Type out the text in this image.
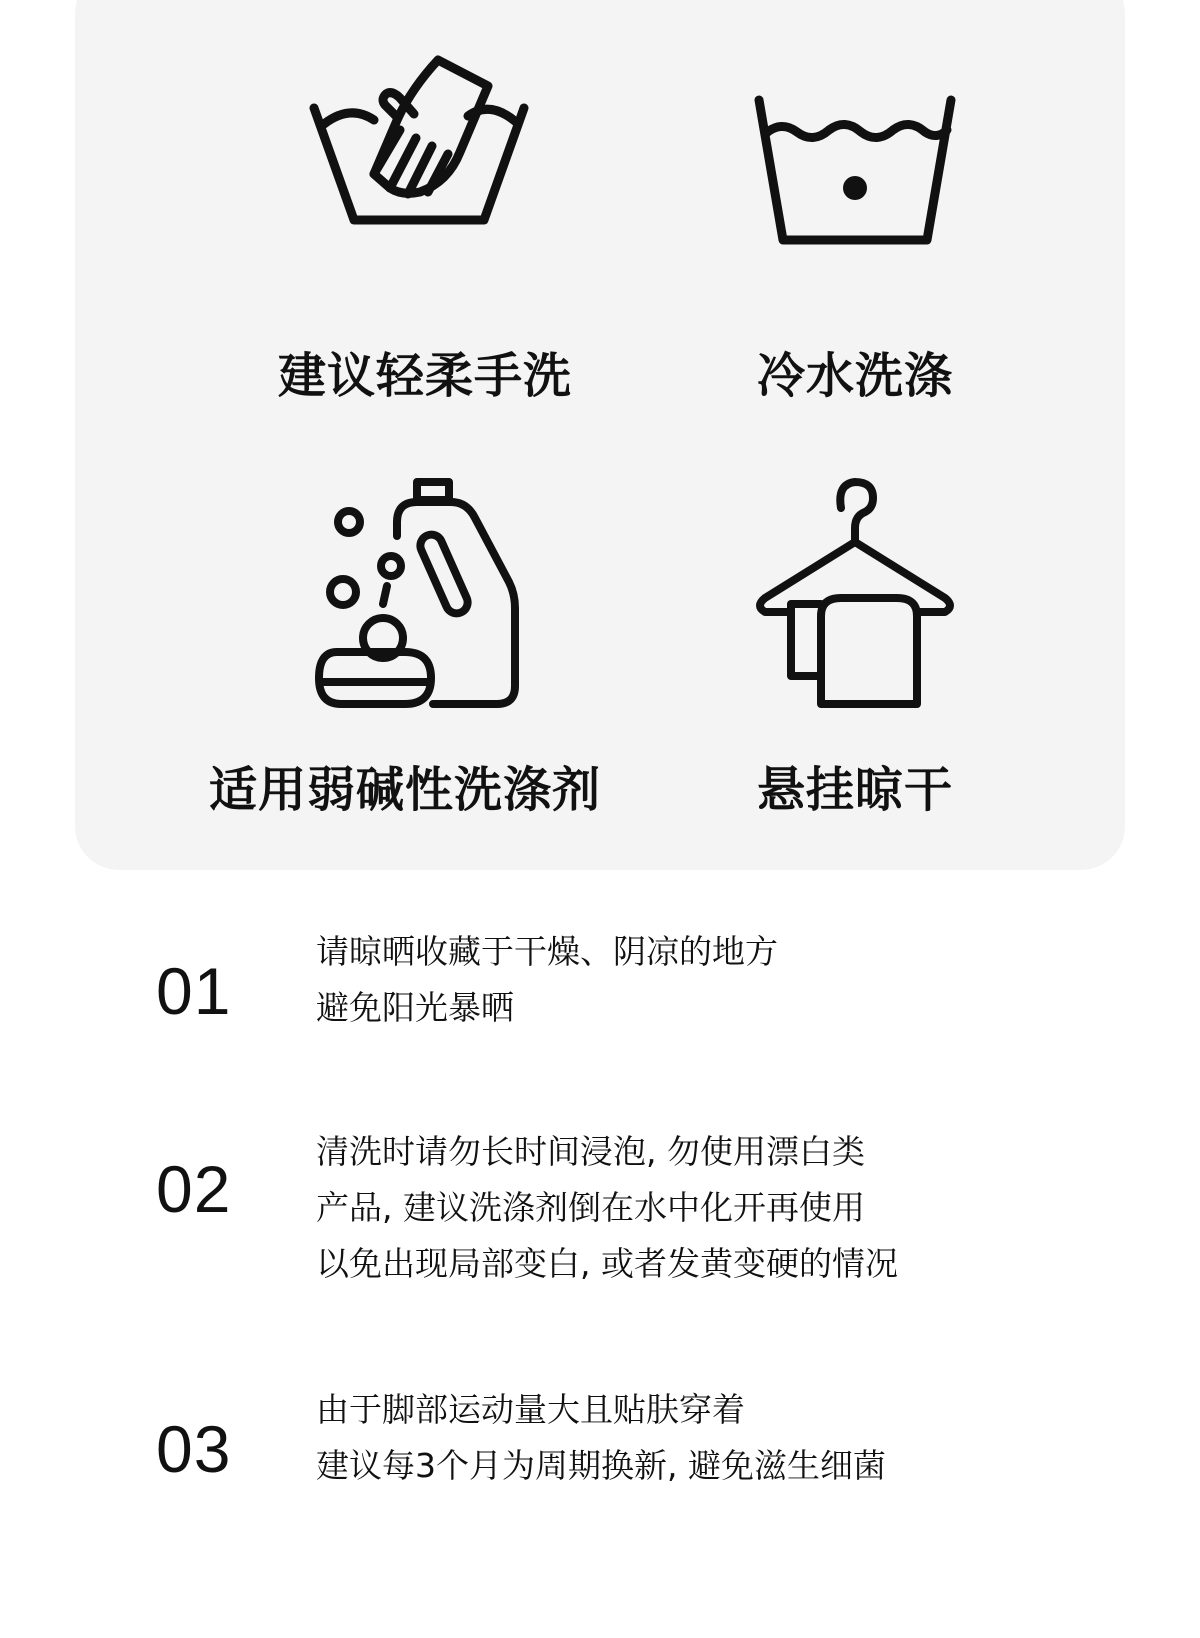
建议轻柔手洗	冷水洗涤
适用弱碱性洗涤剂	悬挂晾干
01
请晾晒收藏于干燥、阴凉的地方
避免阳光暴晒
02
清洗时请勿长时间浸泡, 勿使用漂白类
产品, 建议洗涤剂倒在水中化开再使用
以免出现局部变白, 或者发黄变硬的情况
03
由于脚部运动量大且贴肤穿着
建议每3个月为周期换新, 避免滋生细菌
